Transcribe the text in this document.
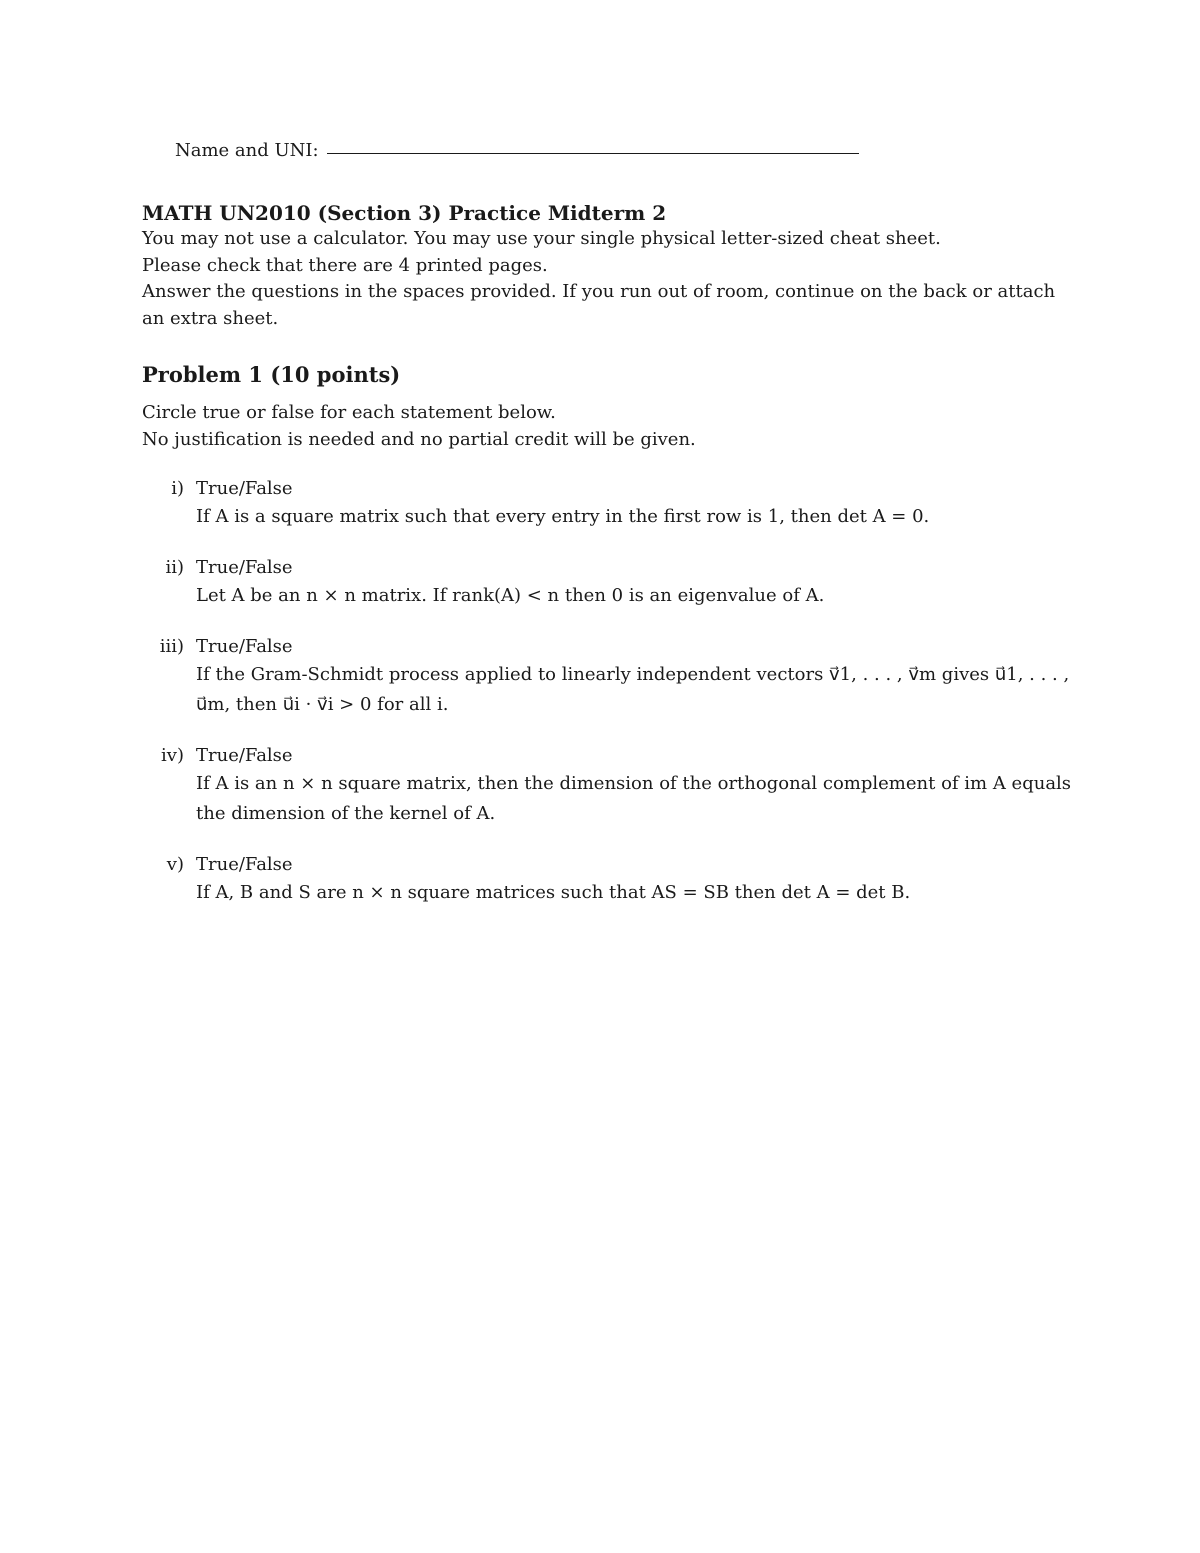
Name and UNI:
MATH UN2010 (Section 3) Practice Midterm 2
You may not use a calculator. You may use your single physical letter-sized cheat sheet.
Please check that there are 4 printed pages.
Answer the questions in the spaces provided. If you run out of room, continue on the back or attach an extra sheet.
Problem 1 (10 points)
Circle true or false for each statement below.
No justification is needed and no partial credit will be given.
i) True/False
If A is a square matrix such that every entry in the first row is 1, then det A = 0.
ii) True/False
Let A be an n × n matrix. If rank(A) < n then 0 is an eigenvalue of A.
iii) True/False
If the Gram-Schmidt process applied to linearly independent vectors v⃗1, . . . , v⃗m gives u⃗1, . . . , u⃗m, then u⃗i · v⃗i > 0 for all i.
iv) True/False
If A is an n × n square matrix, then the dimension of the orthogonal complement of im A equals the dimension of the kernel of A.
v) True/False
If A, B and S are n × n square matrices such that AS = SB then det A = det B.
